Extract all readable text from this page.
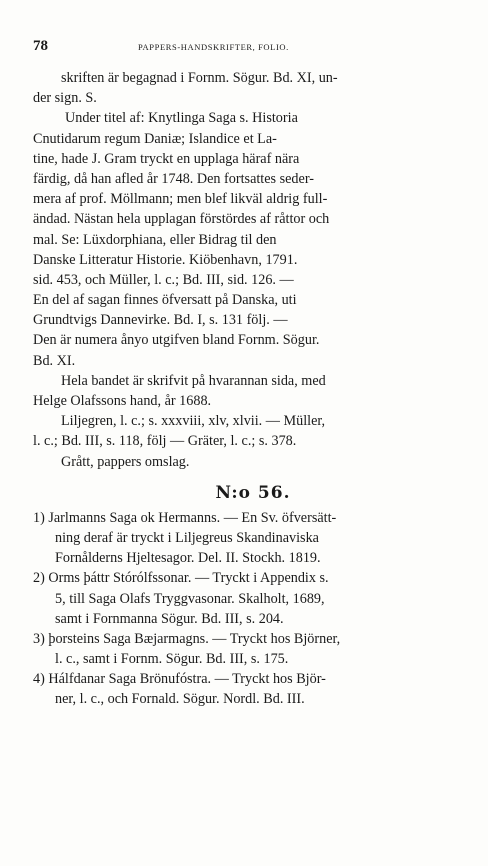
78	PAPPERS-HANDSKRIFTER, FOLIO.
skriften är begagnad i Fornm. Sögur. Bd. XI, un-
der sign. S.
Under titel af: Knytlinga Saga s. Historia
Cnutidarum regum Daniæ; Islandice et La-
tine, hade J. Gram tryckt en upplaga häraf nära
färdig, då han afled år 1748. Den fortsattes seder-
mera af prof. Möllmann; men blef likväl aldrig full-
ändad. Nästan hela upplagan förstördes af råttor och
mal. Se: Lüxdorphiana, eller Bidrag til den
Danske Litteratur Historie. Kiöbenhavn, 1791.
sid. 453, och Müller, l. c.; Bd. III, sid. 126. —
En del af sagan finnes öfversatt på Danska, uti
Grundtvigs Dannevirke. Bd. I, s. 131 följ. —
Den är numera ånyo utgifven bland Fornm. Sögur.
Bd. XI.
Hela bandet är skrifvit på hvarannan sida, med
Helge Olafssons hand, år 1688.
Liljegren, l. c.; s. xxxviii, xlv, xlvii. — Müller,
l. c.; Bd. III, s. 118, följ — Gräter, l. c.; s. 378.
Grått, pappers omslag.
N:o 56.
1) Jarlmanns Saga ok Hermanns. — En Sv. öfversätt-
ning deraf är tryckt i Liljegreus Skandinaviska
Fornålderns Hjeltesagor. Del. II. Stockh. 1819.
2) Orms þáttr Stórólfssonar. — Tryckt i Appendix s.
5, till Saga Olafs Tryggvasonar. Skalholt, 1689,
samt i Fornmanna Sögur. Bd. III, s. 204.
3) þorsteins Saga Bæjarmagns. — Tryckt hos Björner,
l. c., samt i Fornm. Sögur. Bd. III, s. 175.
4) Hálfdanar Saga Brönufóstra. — Tryckt hos Björ-
ner, l. c., och Fornald. Sögur. Nordl. Bd. III.
